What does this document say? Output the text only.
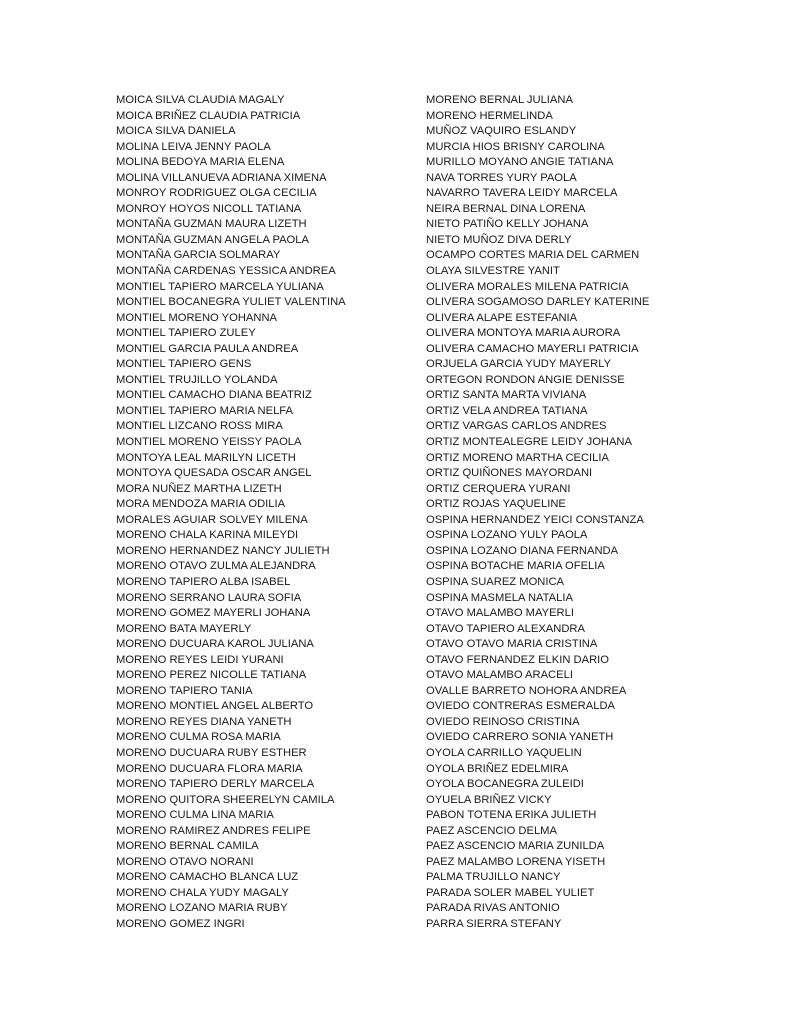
MOICA SILVA CLAUDIA MAGALY
MOICA BRIÑEZ CLAUDIA PATRICIA
MOICA SILVA DANIELA
MOLINA LEIVA JENNY PAOLA
MOLINA BEDOYA MARIA ELENA
MOLINA VILLANUEVA ADRIANA XIMENA
MONROY RODRIGUEZ OLGA CECILIA
MONROY HOYOS NICOLL TATIANA
MONTAÑA GUZMAN MAURA LIZETH
MONTAÑA GUZMAN ANGELA PAOLA
MONTAÑA GARCIA SOLMARAY
MONTAÑA CARDENAS YESSICA ANDREA
MONTIEL TAPIERO MARCELA YULIANA
MONTIEL BOCANEGRA YULIET VALENTINA
MONTIEL MORENO YOHANNA
MONTIEL TAPIERO ZULEY
MONTIEL GARCIA PAULA ANDREA
MONTIEL TAPIERO GENS
MONTIEL TRUJILLO YOLANDA
MONTIEL CAMACHO DIANA BEATRIZ
MONTIEL TAPIERO MARIA NELFA
MONTIEL LIZCANO ROSS MIRA
MONTIEL MORENO YEISSY PAOLA
MONTOYA LEAL MARILYN LICETH
MONTOYA QUESADA OSCAR ANGEL
MORA NUÑEZ MARTHA LIZETH
MORA MENDOZA MARIA ODILIA
MORALES AGUIAR SOLVEY MILENA
MORENO CHALA KARINA MILEYDI
MORENO HERNANDEZ NANCY JULIETH
MORENO OTAVO ZULMA ALEJANDRA
MORENO TAPIERO ALBA ISABEL
MORENO SERRANO LAURA SOFIA
MORENO GOMEZ MAYERLI JOHANA
MORENO BATA MAYERLY
MORENO DUCUARA KAROL JULIANA
MORENO REYES LEIDI YURANI
MORENO PEREZ NICOLLE TATIANA
MORENO TAPIERO TANIA
MORENO MONTIEL ANGEL ALBERTO
MORENO REYES DIANA YANETH
MORENO CULMA ROSA MARIA
MORENO DUCUARA RUBY ESTHER
MORENO DUCUARA FLORA MARIA
MORENO TAPIERO DERLY MARCELA
MORENO QUITORA SHEERELYN CAMILA
MORENO CULMA LINA MARIA
MORENO RAMIREZ ANDRES FELIPE
MORENO BERNAL CAMILA
MORENO OTAVO NORANI
MORENO CAMACHO BLANCA LUZ
MORENO CHALA YUDY MAGALY
MORENO LOZANO MARIA RUBY
MORENO GOMEZ INGRI
MORENO BERNAL JULIANA
MORENO HERMELINDA
MUÑOZ VAQUIRO ESLANDY
MURCIA HIOS BRISNY CAROLINA
MURILLO MOYANO ANGIE TATIANA
NAVA TORRES YURY PAOLA
NAVARRO TAVERA LEIDY MARCELA
NEIRA BERNAL DINA LORENA
NIETO PATIÑO KELLY JOHANA
NIETO MUÑOZ DIVA DERLY
OCAMPO CORTES MARIA DEL CARMEN
OLAYA SILVESTRE YANIT
OLIVERA MORALES MILENA PATRICIA
OLIVERA SOGAMOSO DARLEY KATERINE
OLIVERA ALAPE ESTEFANIA
OLIVERA MONTOYA MARIA AURORA
OLIVERA CAMACHO MAYERLI PATRICIA
ORJUELA GARCIA YUDY MAYERLY
ORTEGON RONDON ANGIE DENISSE
ORTIZ SANTA MARTA VIVIANA
ORTIZ VELA ANDREA TATIANA
ORTIZ VARGAS CARLOS ANDRES
ORTIZ MONTEALEGRE LEIDY JOHANA
ORTIZ MORENO MARTHA CECILIA
ORTIZ QUIÑONES MAYORDANI
ORTIZ CERQUERA YURANI
ORTIZ ROJAS YAQUELINE
OSPINA HERNANDEZ YEICI CONSTANZA
OSPINA LOZANO YULY PAOLA
OSPINA LOZANO DIANA FERNANDA
OSPINA BOTACHE MARIA OFELIA
OSPINA SUAREZ MONICA
OSPINA MASMELA NATALIA
OTAVO MALAMBO MAYERLI
OTAVO TAPIERO ALEXANDRA
OTAVO OTAVO MARIA CRISTINA
OTAVO FERNANDEZ ELKIN DARIO
OTAVO MALAMBO ARACELI
OVALLE BARRETO NOHORA ANDREA
OVIEDO CONTRERAS ESMERALDA
OVIEDO REINOSO CRISTINA
OVIEDO CARRERO SONIA YANETH
OYOLA CARRILLO YAQUELIN
OYOLA BRIÑEZ EDELMIRA
OYOLA BOCANEGRA ZULEIDI
OYUELA BRIÑEZ VICKY
PABON TOTENA ERIKA JULIETH
PAEZ ASCENCIO DELMA
PAEZ ASCENCIO MARIA ZUNILDA
PAEZ MALAMBO LORENA YISETH
PALMA TRUJILLO NANCY
PARADA SOLER MABEL YULIET
PARADA RIVAS ANTONIO
PARRA SIERRA STEFANY
